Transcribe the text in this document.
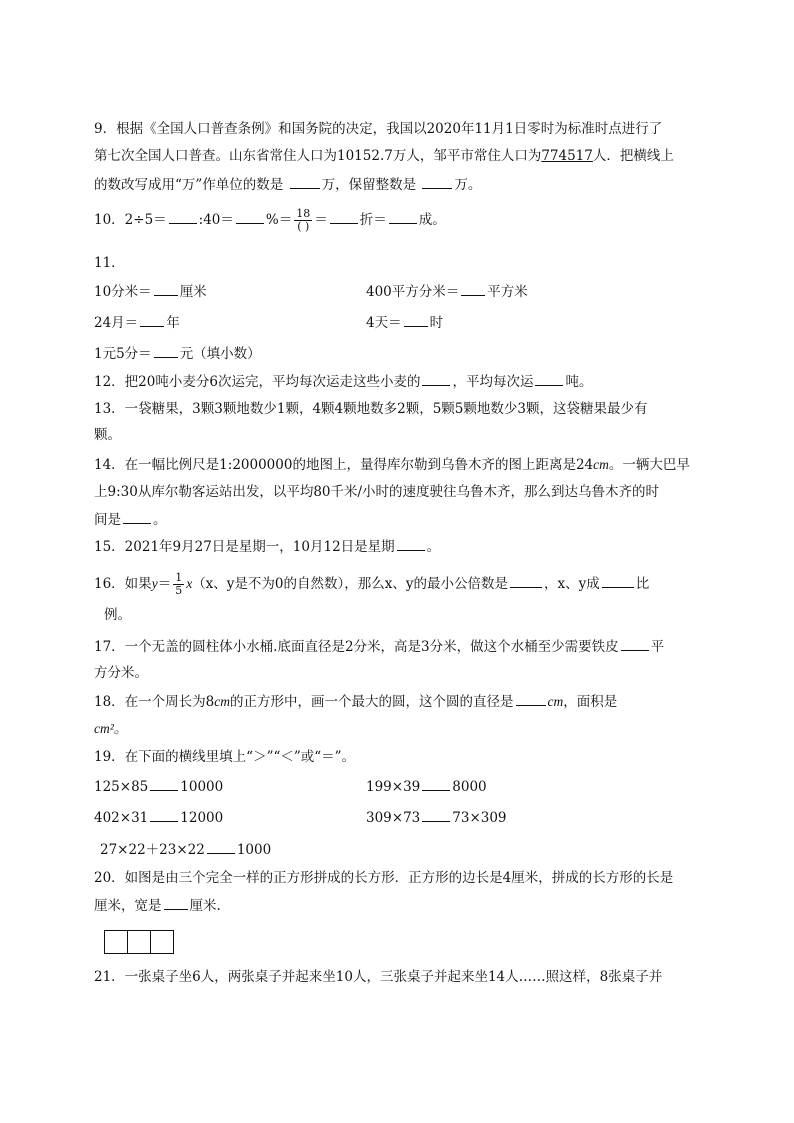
9．根据《全国人口普查条例》和国务院的决定，我国以2020年11月1日零时为标准时点进行了
第七次全国人口普查。山东省常住人口为10152.7万人，邹平市常住人口为774517人．把横线上
的数改写成用“万”作单位的数是	万，保留整数是	万。
10．2÷5＝ :40＝ %＝ $\frac{18}{( )}$ ＝ 折＝ 成。
11．
10分米＝ 厘米	400平方分米＝ 平方米
24月＝ 年	4天＝ 时
1元5分＝ 元（填小数）
12．把20吨小麦分6次运完，平均每次运走这些小麦的 ，平均每次运 吨。
13．一袋糖果，3颗3颗地数少1颗，4颗4颗地数多2颗，5颗5颗地数少3颗，这袋糖果最少有
颗。
14．在一幅比例尺是1:2000000的地图上，量得库尔勒到乌鲁木齐的图上距离是24cm。一辆大巴早
上9:30从库尔勒客运站出发，以平均80千米/小时的速度驶往乌鲁木齐，那么到达乌鲁木齐的时
间是 。
15．2021年9月27日是星期一，10月12日是星期 。
16．如果$y= \frac{1}{5} x(x$、y是不为0的自然数），那么x、y的最小公倍数是	，x、y成	比
例。
17．一个无盖的圆柱体小水桶.底面直径是2分米，高是3分米，做这个水桶至少需要铁皮 平
方分米。
18．在一个周长为8cm的正方形中，画一个最大的圆，这个圆的直径是	cm，面积是
cm²。
19．在下面的横线里填上“＞”“＜”或“＝”。
125×85 10000	199×39 8000
402×31 12000	309×73 73×309
27×22＋23×22 1000
20．如图是由三个完全一样的正方形拼成的长方形．正方形的边长是4厘米，拼成的长方形的长是
厘米，宽是 厘米.
21．一张桌子坐6人，两张桌子并起来坐10人，三张桌子并起来坐14人……照这样，8张桌子并
